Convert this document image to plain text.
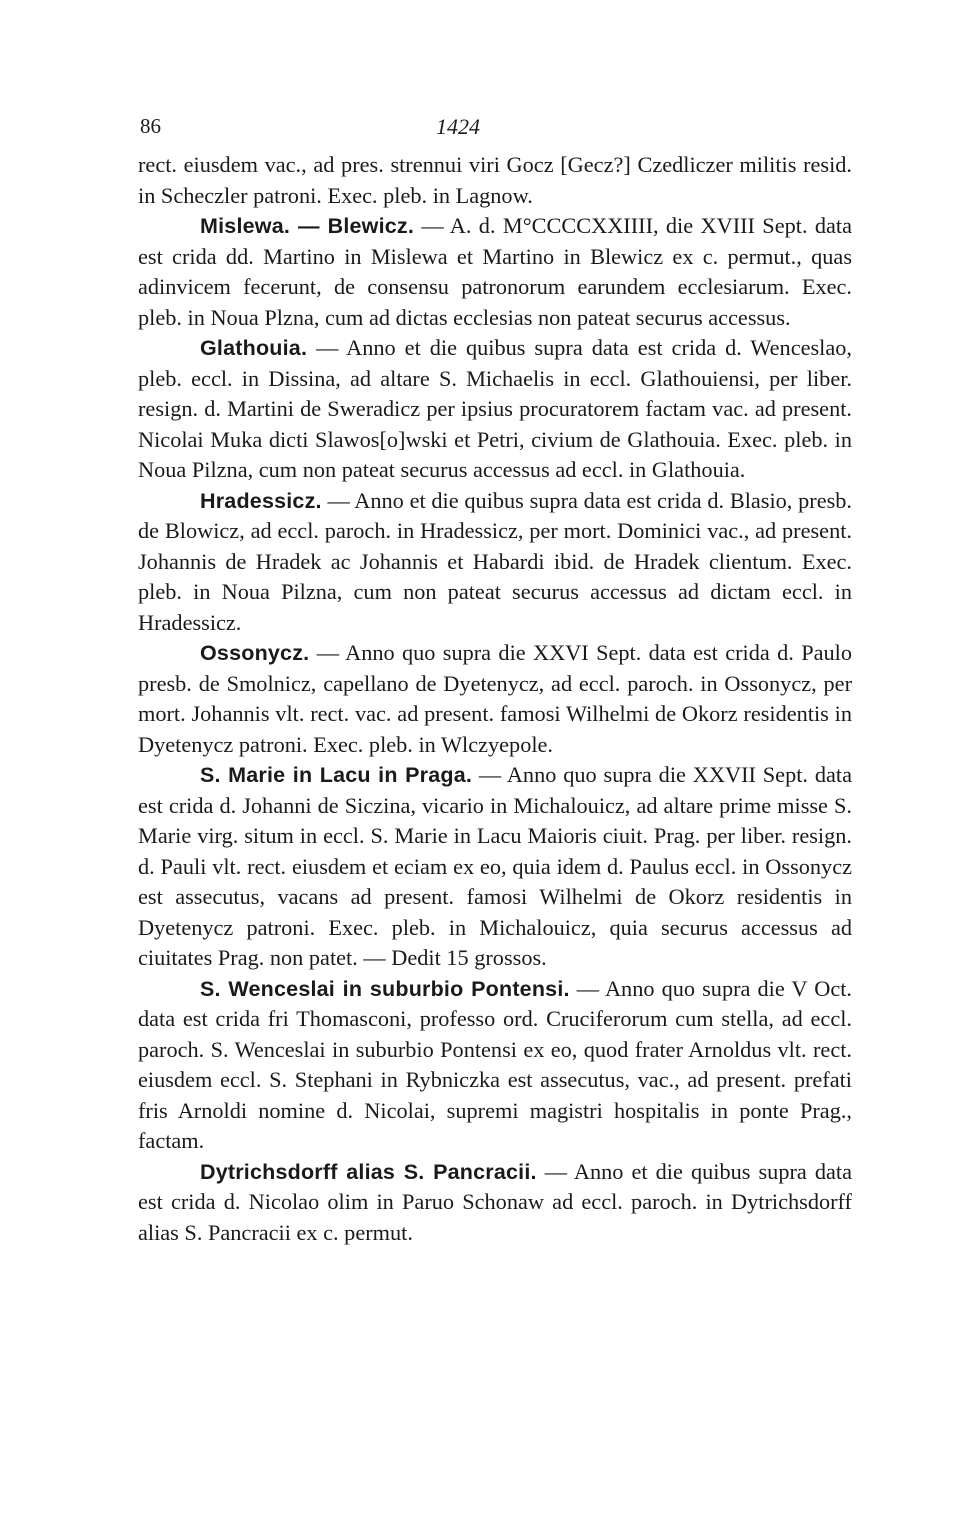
86	1424

rect. eiusdem vac., ad pres. strennui viri Gocz [Gecz?] Czedliczer militis resid. in Scheczler patroni. Exec. pleb. in Lagnow.

Mislewa. — Blewicz. — A. d. M°CCCCXXIIII, die XVIII Sept. data est crida dd. Martino in Mislewa et Martino in Blewicz ex c. permut., quas adinvicem fecerunt, de consensu patronorum earundem ecclesiarum. Exec. pleb. in Noua Plzna, cum ad dictas ecclesias non pateat securus accessus.

Glathouia. — Anno et die quibus supra data est crida d. Wenceslao, pleb. eccl. in Dissina, ad altare S. Michaelis in eccl. Glathouiensi, per liber. resign. d. Martini de Sweradicz per ipsius procuratorem factam vac. ad present. Nicolai Muka dicti Slawos[o]wski et Petri, civium de Glathouia. Exec. pleb. in Noua Pilzna, cum non pateat securus accessus ad eccl. in Glathouia.

Hradessicz. — Anno et die quibus supra data est crida d. Blasio, presb. de Blowicz, ad eccl. paroch. in Hradessicz, per mort. Dominici vac., ad present. Johannis de Hradek ac Johannis et Habardi ibid. de Hradek clientum. Exec. pleb. in Noua Pilzna, cum non pateat securus accessus ad dictam eccl. in Hradessicz.

Ossonycz. — Anno quo supra die XXVI Sept. data est crida d. Paulo presb. de Smolnicz, capellano de Dyetenycz, ad eccl. paroch. in Ossonycz, per mort. Johannis vlt. rect. vac. ad present. famosi Wilhelmi de Okorz residentis in Dyetenycz patroni. Exec. pleb. in Wlczyepole.

S. Marie in Lacu in Praga. — Anno quo supra die XXVII Sept. data est crida d. Johanni de Siczina, vicario in Michalouicz, ad altare prime misse S. Marie virg. situm in eccl. S. Marie in Lacu Maioris ciuit. Prag. per liber. resign. d. Pauli vlt. rect. eiusdem et eciam ex eo, quia idem d. Paulus eccl. in Ossonycz est assecutus, vacans ad present. famosi Wilhelmi de Okorz residentis in Dyetenycz patroni. Exec. pleb. in Michalouicz, quia securus accessus ad ciuitates Prag. non patet. — Dedit 15 grossos.

S. Wenceslai in suburbio Pontensi. — Anno quo supra die V Oct. data est crida fri Thomasconi, professo ord. Cruciferorum cum stella, ad eccl. paroch. S. Wenceslai in suburbio Pontensi ex eo, quod frater Arnoldus vlt. rect. eiusdem eccl. S. Stephani in Rybniczka est assecutus, vac., ad present. prefati fris Arnoldi nomine d. Nicolai, supremi magistri hospitalis in ponte Prag., factam.

Dytrichsdorff alias S. Pancracii. — Anno et die quibus supra data est crida d. Nicolao olim in Paruo Schonaw ad eccl. paroch. in Dytrichsdorff alias S. Pancracii ex c. permut.
